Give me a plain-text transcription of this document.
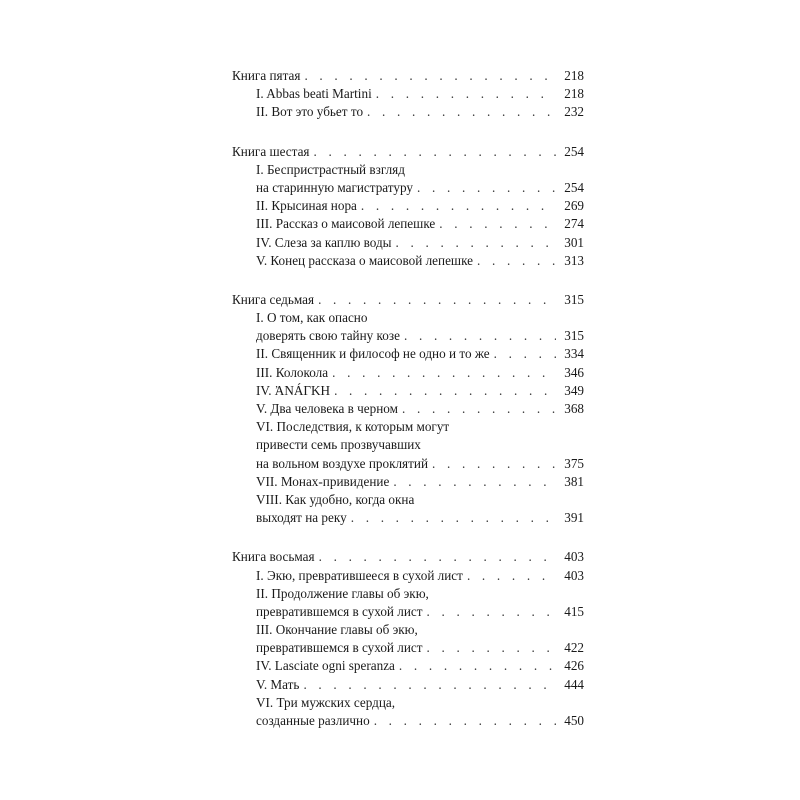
Книга пятая . . .	218
I. Abbas beati Martini . . .	218
II. Вот это убьет то . . .	232
Книга шестая . . .	254
I. Беспристрастный взгляд
на старинную магистратуру . . .	254
II. Крысиная нора . . .	269
III. Рассказ о маисовой лепешке . . .	274
IV. Слеза за каплю воды . . .	301
V. Конец рассказа о маисовой лепешке . . .	313
Книга седьмая . . .	315
I. О том, как опасно
доверять свою тайну козе . . .	315
II. Священник и философ не одно и то же . . .	334
III. Колокола . . .	346
IV. ἈΝÁΓΚΗ . . .	349
V. Два человека в черном . . .	368
VI. Последствия, к которым могут
привести семь прозвучавших
на вольном воздухе проклятий . . .	375
VII. Монах-привидение . . .	381
VIII. Как удобно, когда окна
выходят на реку . . .	391
Книга восьмая . . .	403
I. Экю, превратившееся в сухой лист . . .	403
II. Продолжение главы об экю,
превратившемся в сухой лист . . .	415
III. Окончание главы об экю,
превратившемся в сухой лист . . .	422
IV. Lasciate ogni speranza . . .	426
V. Мать . . .	444
VI. Три мужских сердца,
созданные различно . . .	450
